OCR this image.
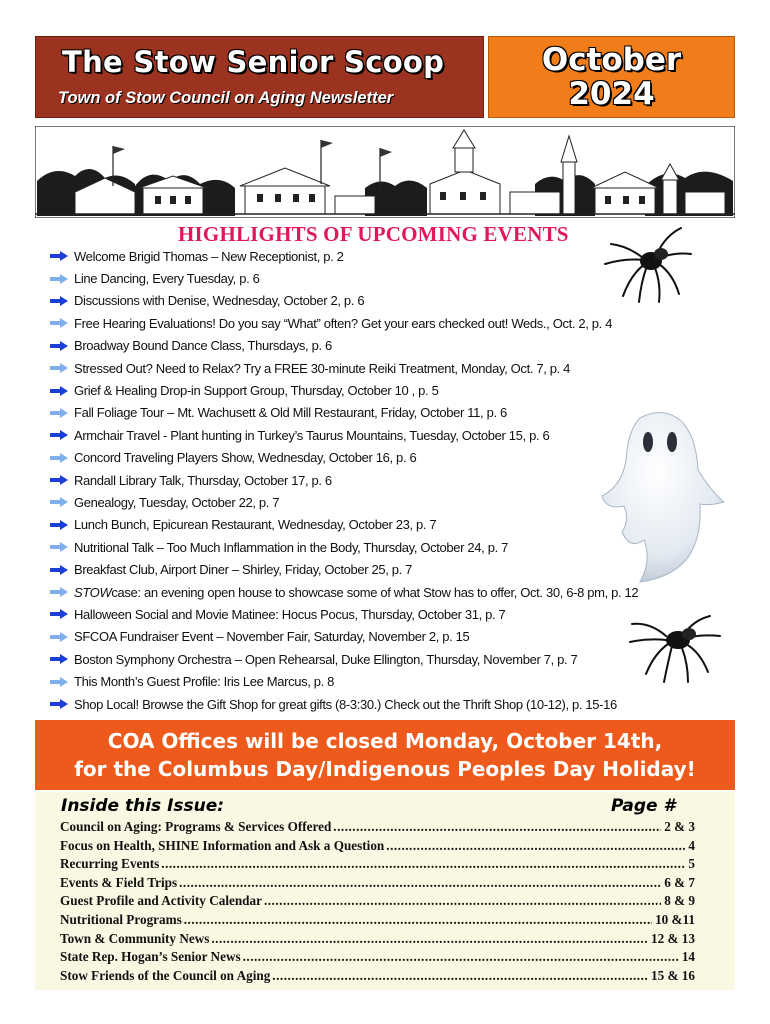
The Stow Senior Scoop
Town of Stow Council on Aging Newsletter
October
2024
HIGHLIGHTS OF UPCOMING EVENTS
Welcome Brigid Thomas – New Receptionist, p. 2
Line Dancing, Every Tuesday, p. 6
Discussions with Denise, Wednesday, October 2, p. 6
Free Hearing Evaluations! Do you say “What” often? Get your ears checked out! Weds., Oct. 2, p. 4
Broadway Bound Dance Class, Thursdays, p. 6
Stressed Out? Need to Relax? Try a FREE 30-minute Reiki Treatment, Monday, Oct. 7, p. 4
Grief & Healing Drop-in Support Group, Thursday, October 10 , p. 5
Fall Foliage Tour – Mt. Wachusett & Old Mill Restaurant, Friday, October 11, p. 6
Armchair Travel - Plant hunting in Turkey’s Taurus Mountains, Tuesday, October 15, p. 6
Concord Traveling Players Show, Wednesday, October 16, p. 6
Randall Library Talk, Thursday, October 17, p. 6
Genealogy, Tuesday, October 22, p. 7
Lunch Bunch, Epicurean Restaurant, Wednesday, October 23, p. 7
Nutritional Talk – Too Much Inflammation in the Body, Thursday, October 24, p. 7
Breakfast Club, Airport Diner – Shirley, Friday, October 25, p. 7
STOWcase: an evening open house to showcase some of what Stow has to offer, Oct. 30, 6-8 pm, p. 12
Halloween Social and Movie Matinee: Hocus Pocus, Thursday, October 31, p. 7
SFCOA Fundraiser Event – November Fair, Saturday, November 2, p. 15
Boston Symphony Orchestra – Open Rehearsal, Duke Ellington, Thursday, November 7, p. 7
This Month’s Guest Profile: Iris Lee Marcus, p. 8
Shop Local! Browse the Gift Shop for great gifts (8-3:30.) Check out the Thrift Shop (10-12), p. 15-16
COA Offices will be closed Monday, October 14th,
for the Columbus Day/Indigenous Peoples Day Holiday!
Inside this Issue:	Page #
Council on Aging: Programs & Services Offered .....	2 & 3
Focus on Health, SHINE Information and Ask a Question .....	4
Recurring Events .....	5
Events & Field Trips .....	6 & 7
Guest Profile and Activity Calendar .....	8 & 9
Nutritional Programs .....	10 &11
Town & Community News .....	12 & 13
State Rep. Hogan’s Senior News .....	14
Stow Friends of the Council on Aging .....	15 & 16
